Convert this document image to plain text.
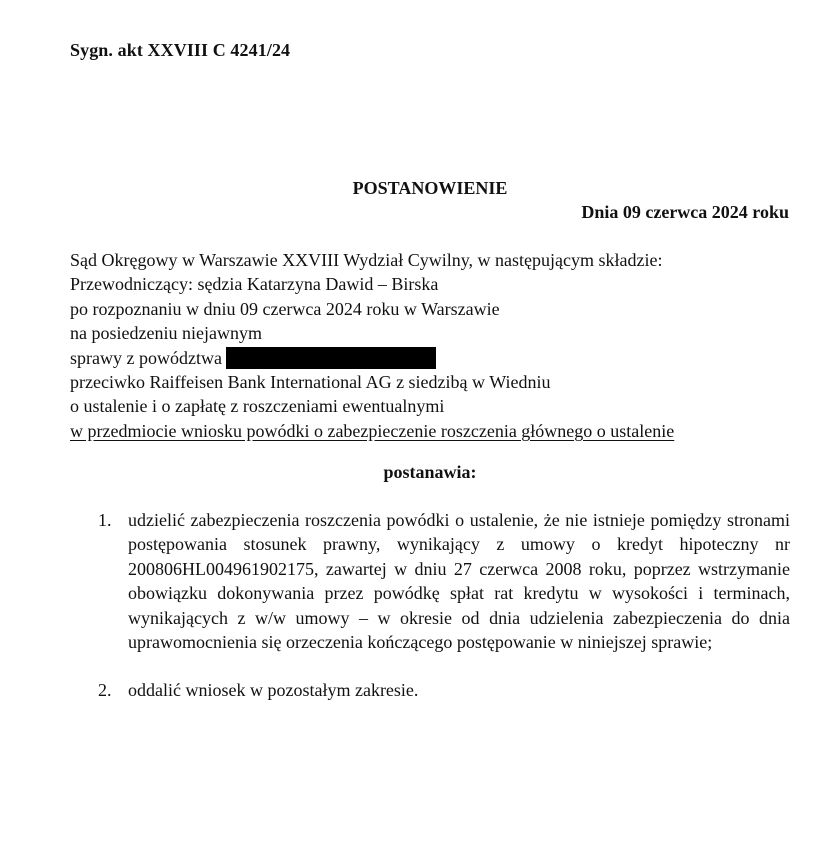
Sygn. akt XXVIII C 4241/24
POSTANOWIENIE
Dnia 09 czerwca 2024 roku
Sąd Okręgowy w Warszawie XXVIII Wydział Cywilny, w następującym składzie:
Przewodniczący: sędzia Katarzyna Dawid – Birska
po rozpoznaniu w dniu 09 czerwca 2024 roku w Warszawie
na posiedzeniu niejawnym
sprawy z powództwa
przeciwko Raiffeisen Bank International AG z siedzibą w Wiedniu
o ustalenie i o zapłatę z roszczeniami ewentualnymi
w przedmiocie wniosku powódki o zabezpieczenie roszczenia głównego o ustalenie
postanawia:
1. udzielić zabezpieczenia roszczenia powódki o ustalenie, że nie istnieje pomiędzy stronami postępowania stosunek prawny, wynikający z umowy o kredyt hipoteczny nr 200806HL004961902175, zawartej w dniu 27 czerwca 2008 roku, poprzez wstrzymanie obowiązku dokonywania przez powódkę spłat rat kredytu w wysokości i terminach, wynikających z w/w umowy – w okresie od dnia udzielenia zabezpieczenia do dnia uprawomocnienia się orzeczenia kończącego postępowanie w niniejszej sprawie;
2. oddalić wniosek w pozostałym zakresie.
